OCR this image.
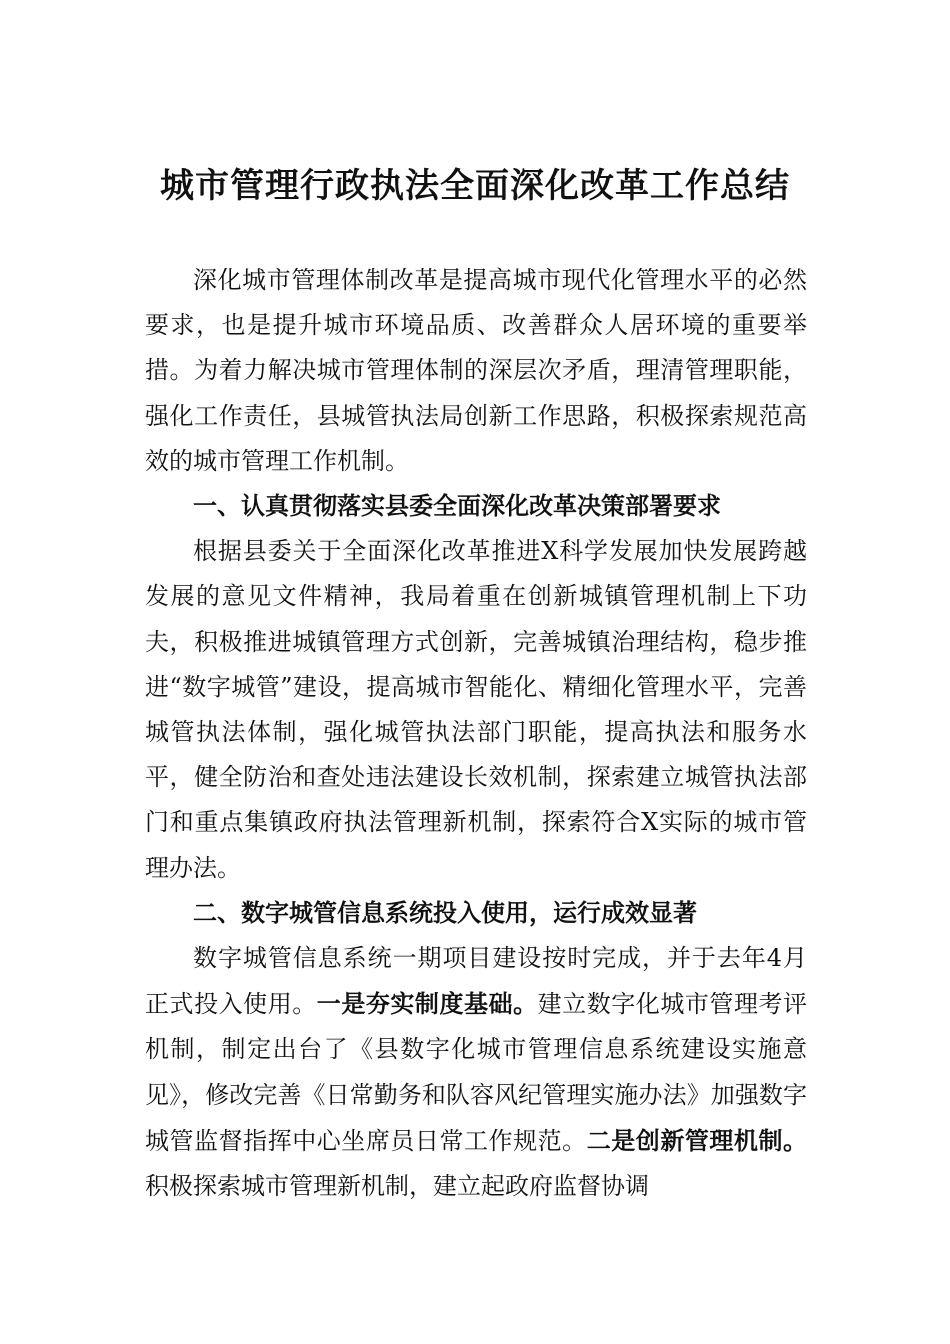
城市管理行政执法全面深化改革工作总结

深化城市管理体制改革是提高城市现代化管理水平的必然要求，也是提升城市环境品质、改善群众人居环境的重要举措。为着力解决城市管理体制的深层次矛盾，理清管理职能，强化工作责任，县城管执法局创新工作思路，积极探索规范高效的城市管理工作机制。

一、认真贯彻落实县委全面深化改革决策部署要求

根据县委关于全面深化改革推进X科学发展加快发展跨越发展的意见文件精神，我局着重在创新城镇管理机制上下功夫，积极推进城镇管理方式创新，完善城镇治理结构，稳步推进“数字城管”建设，提高城市智能化、精细化管理水平，完善城管执法体制，强化城管执法部门职能，提高执法和服务水平，健全防治和查处违法建设长效机制，探索建立城管执法部门和重点集镇政府执法管理新机制，探索符合X实际的城市管理办法。

二、数字城管信息系统投入使用，运行成效显著

数字城管信息系统一期项目建设按时完成，并于去年4月正式投入使用。一是夯实制度基础。建立数字化城市管理考评机制，制定出台了《县数字化城市管理信息系统建设实施意见》，修改完善《日常勤务和队容风纪管理实施办法》加强数字城管监督指挥中心坐席员日常工作规范。二是创新管理机制。积极探索城市管理新机制，建立起政府监督协调
